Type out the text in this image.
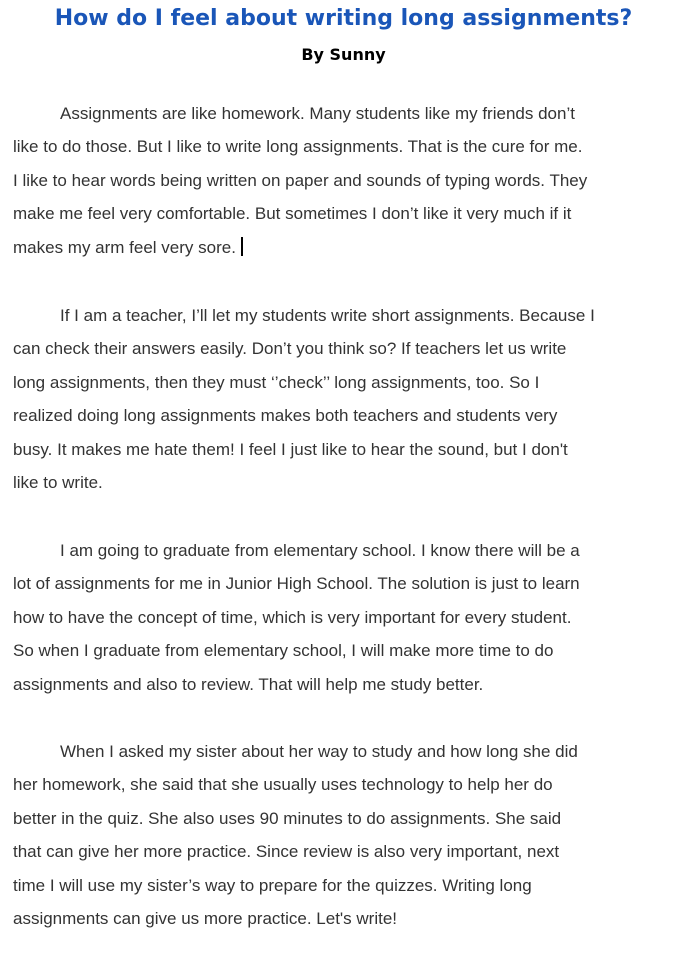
How do I feel about writing long assignments?
By Sunny
Assignments are like homework. Many students like my friends don’t
like to do those. But I like to write long assignments. That is the cure for me.
I like to hear words being written on paper and sounds of typing words. They
make me feel very comfortable. But sometimes I don’t like it very much if it
makes my arm feel very sore.
If I am a teacher, I’ll let my students write short assignments. Because I
can check their answers easily. Don’t you think so? If teachers let us write
long assignments, then they must ‘’check’’ long assignments, too. So I
realized doing long assignments makes both teachers and students very
busy. It makes me hate them! I feel I just like to hear the sound, but I don't
like to write.
I am going to graduate from elementary school. I know there will be a
lot of assignments for me in Junior High School. The solution is just to learn
how to have the concept of time, which is very important for every student.
So when I graduate from elementary school, I will make more time to do
assignments and also to review. That will help me study better.
When I asked my sister about her way to study and how long she did
her homework, she said that she usually uses technology to help her do
better in the quiz. She also uses 90 minutes to do assignments. She said
that can give her more practice. Since review is also very important, next
time I will use my sister’s way to prepare for the quizzes. Writing long
assignments can give us more practice. Let's write!
